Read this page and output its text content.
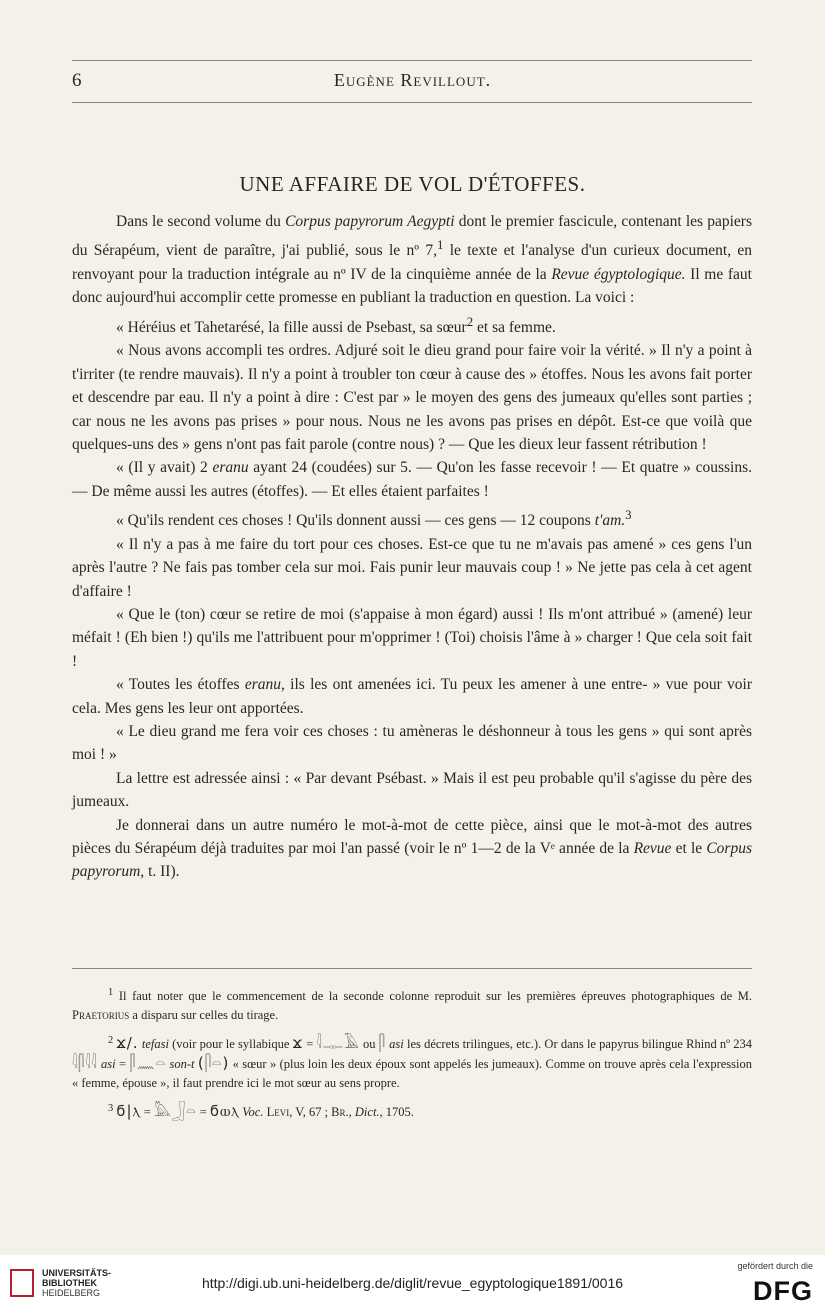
6	Eugène Revillout.
UNE AFFAIRE DE VOL D'ÉTOFFES.

Dans le second volume du Corpus papyrorum Aegypti dont le premier fascicule, contenant les papiers du Sérapéum, vient de paraître, j'ai publié, sous le nº 7,$^1$ le texte et l'analyse d'un curieux document, en renvoyant pour la traduction intégrale au nº IV de la cinquième année de la Revue égyptologique. Il me faut donc aujourd'hui accomplir cette promesse en publiant la traduction en question. La voici :

« Héréius et Tahetarésé, la fille aussi de Psebast, sa sœur$^2$ et sa femme.

« Nous avons accompli tes ordres. Adjuré soit le dieu grand pour faire voir la vérité. » Il n'y a point à t'irriter (te rendre mauvais). Il n'y a point à troubler ton cœur à cause des » étoffes. Nous les avons fait porter et descendre par eau. Il n'y a point à dire : C'est par » le moyen des gens des jumeaux qu'elles sont parties ; car nous ne les avons pas prises » pour nous. Nous ne les avons pas prises en dépôt. Est-ce que voilà que quelques-uns des » gens n'ont pas fait parole (contre nous) ? — Que les dieux leur fassent rétribution !

« (Il y avait) 2 eranu ayant 24 (coudées) sur 5. — Qu'on les fasse recevoir ! — Et quatre » coussins. — De même aussi les autres (étoffes). — Et elles étaient parfaites !

« Qu'ils rendent ces choses ! Qu'ils donnent aussi — ces gens — 12 coupons t'am.$^3$

« Il n'y a pas à me faire du tort pour ces choses. Est-ce que tu ne m'avais pas amené » ces gens l'un après l'autre ? Ne fais pas tomber cela sur moi. Fais punir leur mauvais coup ! » Ne jette pas cela à cet agent d'affaire !

« Que le (ton) cœur se retire de moi (s'appaise à mon égard) aussi ! Ils m'ont attribué » (amené) leur méfait ! (Eh bien !) qu'ils me l'attribuent pour m'opprimer ! (Toi) choisis l'âme à » charger ! Que cela soit fait !

« Toutes les étoffes eranu, ils les ont amenées ici. Tu peux les amener à une entre- » vue pour voir cela. Mes gens les leur ont apportées.

« Le dieu grand me fera voir ces choses : tu amèneras le déshonneur à tous les gens » qui sont après moi ! »

La lettre est adressée ainsi : « Par devant Psébast. » Mais il est peu probable qu'il s'agisse du père des jumeaux.

Je donnerai dans un autre numéro le mot-à-mot de cette pièce, ainsi que le mot-à-mot des autres pièces du Sérapéum déjà traduites par moi l'an passé (voir le nº 1—2 de la Vᵉ année de la Revue et le Corpus papyrorum, t. II).

$^1$ Il faut noter que le commencement de la seconde colonne reproduit sur les premières épreuves photographiques de M. Praetorius a disparu sur celles du tirage.

$^2$ ϫ/. tefasi (voir pour le syllabique ϫ = 𓇋𓊃𓄿 ou 𓋴 asi les décrets trilingues, etc.). Or dans le papyrus bilingue Rhind nº 234 𓇋𓋴𓇋𓇋 asi = 𓋴𓈖𓏏 son-t (𓋴𓏏) « sœur » (plus loin les deux époux sont appelés les jumeaux). Comme on trouve après cela l'expression « femme, épouse », il faut prendre ici le mot sœur au sens propre.

$^3$ ϭ|ⲗ = 𓅓𓃀𓏏 = ϭⲱⲗ Voc. Levi, V, 67 ; Br., Dict., 1705.

UNIVERSITÄTS-
BIBLIOTHEK
HEIDELBERG
http://digi.ub.uni-heidelberg.de/diglit/revue_egyptologique1891/0016
gefördert durch die
DFG
